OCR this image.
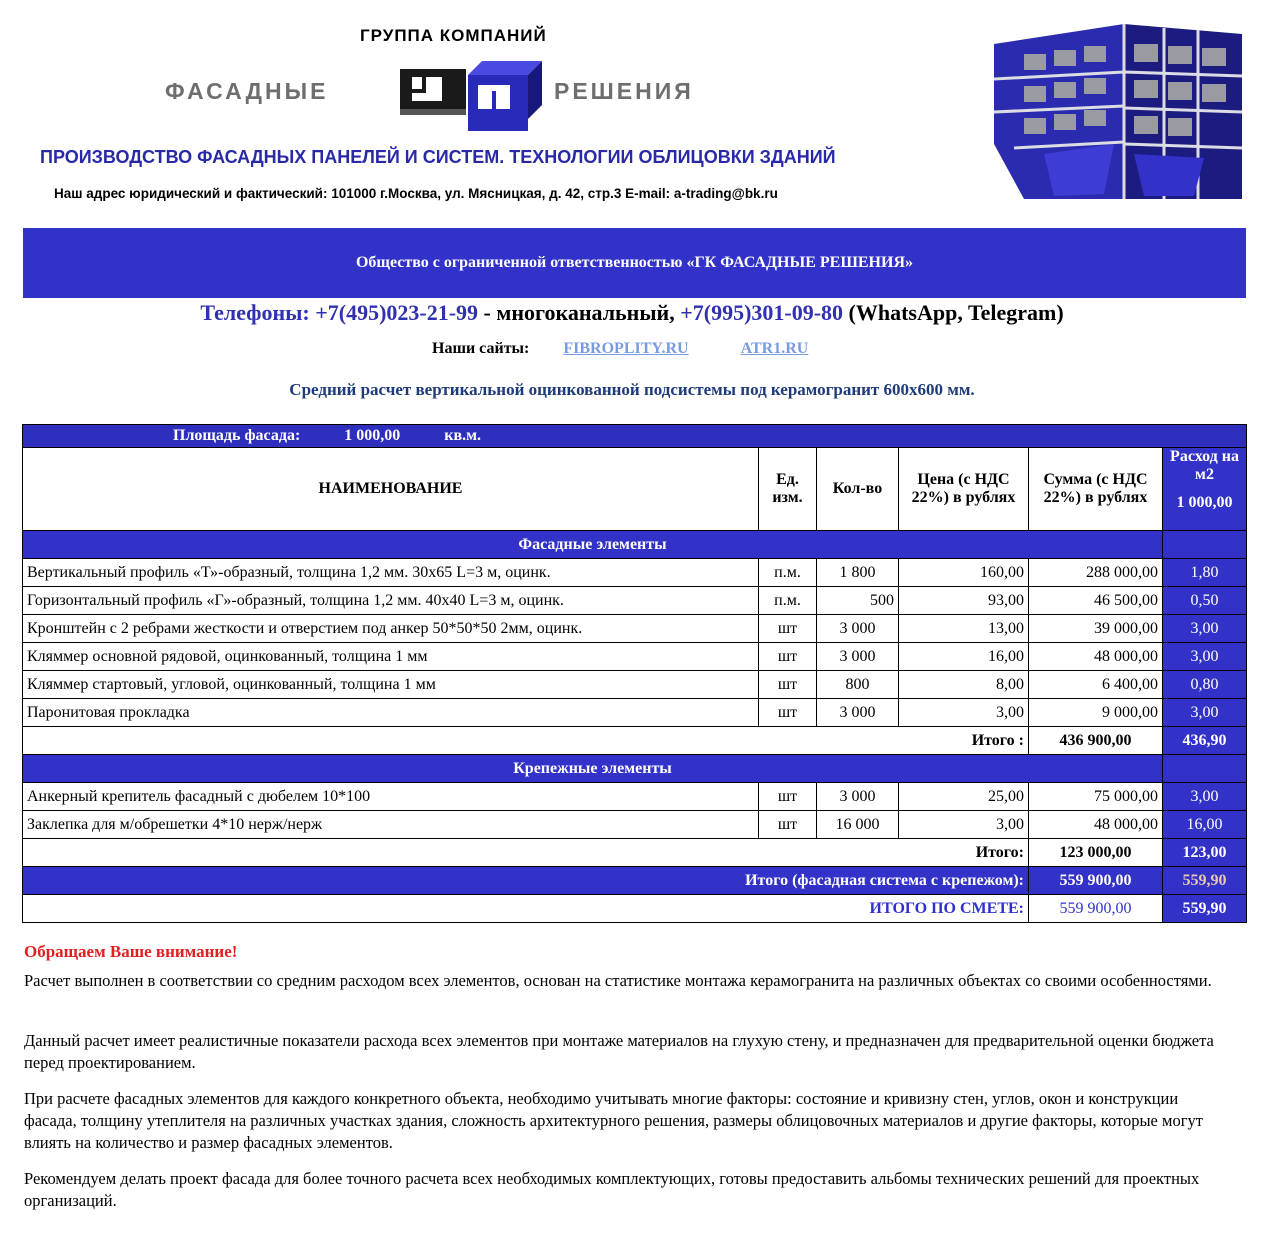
ГРУППА КОМПАНИЙ
ФАСАДНЫЕ	РЕШЕНИЯ
ПРОИЗВОДСТВО ФАСАДНЫХ ПАНЕЛЕЙ И СИСТЕМ. ТЕХНОЛОГИИ ОБЛИЦОВКИ ЗДАНИЙ
Наш адрес юридический и фактический: 101000 г.Москва, ул. Мясницкая, д. 42, стр.3 E-mail: a-trading@bk.ru
Общество с ограниченной ответственностью «ГК ФАСАДНЫЕ РЕШЕНИЯ»
Телефоны: +7(495)023-21-99 - многоканальный, +7(995)301-09-80 (WhatsApp, Telegram)
Наши сайты: FIBROPLITY.RU	ATR1.RU
Средний расчет вертикальной оцинкованной подсистемы под керамогранит 600х600 мм.
Площадь фасада: 1 000,00 кв.м.					
НАИМЕНОВАНИЕ	Ед. изм.	Кол-во	Цена (с НДС 22%) в рублях	Сумма (с НДС 22%) в рублях	Расход на м2
1 000,00

Фасадные элементы					
Вертикальный профиль «Т»-образный, толщина 1,2 мм. 30х65 L=3 м, оцинк.	п.м.	1 800	160,00	288 000,00	1,80
Горизонтальный профиль «Г»-образный, толщина 1,2 мм. 40х40 L=3 м, оцинк.	п.м.	500	93,00	46 500,00	0,50
Кронштейн с 2 ребрами жесткости и отверстием под анкер 50*50*50 2мм, оцинк.	шт	3 000	13,00	39 000,00	3,00
Кляммер основной рядовой, оцинкованный, толщина 1 мм	шт	3 000	16,00	48 000,00	3,00
Кляммер стартовый, угловой, оцинкованный, толщина 1 мм	шт	800	8,00	6 400,00	0,80
Паронитовая прокладка	шт	3 000	3,00	9 000,00	3,00
Итого :				436 900,00	436,90
Крепежные элементы					
Анкерный крепитель фасадный с дюбелем 10*100	шт	3 000	25,00	75 000,00	3,00
Заклепка для м/обрешетки 4*10 нерж/нерж	шт	16 000	3,00	48 000,00	16,00
Итого:				123 000,00	123,00
Итого (фасадная система с крепежом):				559 900,00	559,90
ИТОГО ПО СМЕТЕ:				559 900,00	559,90
Обращаем Ваше внимание!
Расчет выполнен в соответствии со средним расходом всех элементов, основан на статистике монтажа керамогранита на различных объектах со своими особенностями.
Данный расчет имеет реалистичные показатели расхода всех элементов при монтаже материалов на глухую стену, и предназначен для предварительной оценки бюджета перед проектированием.
При расчете фасадных элементов для каждого конкретного объекта, необходимо учитывать многие факторы: состояние и кривизну стен, углов, окон и конструкции фасада, толщину утеплителя на различных участках здания, сложность архитектурного решения, размеры облицовочных материалов и другие факторы, которые могут влиять на количество и размер фасадных элементов.
Рекомендуем делать проект фасада для более точного расчета всех необходимых комплектующих, готовы предоставить альбомы технических решений для проектных организаций.
